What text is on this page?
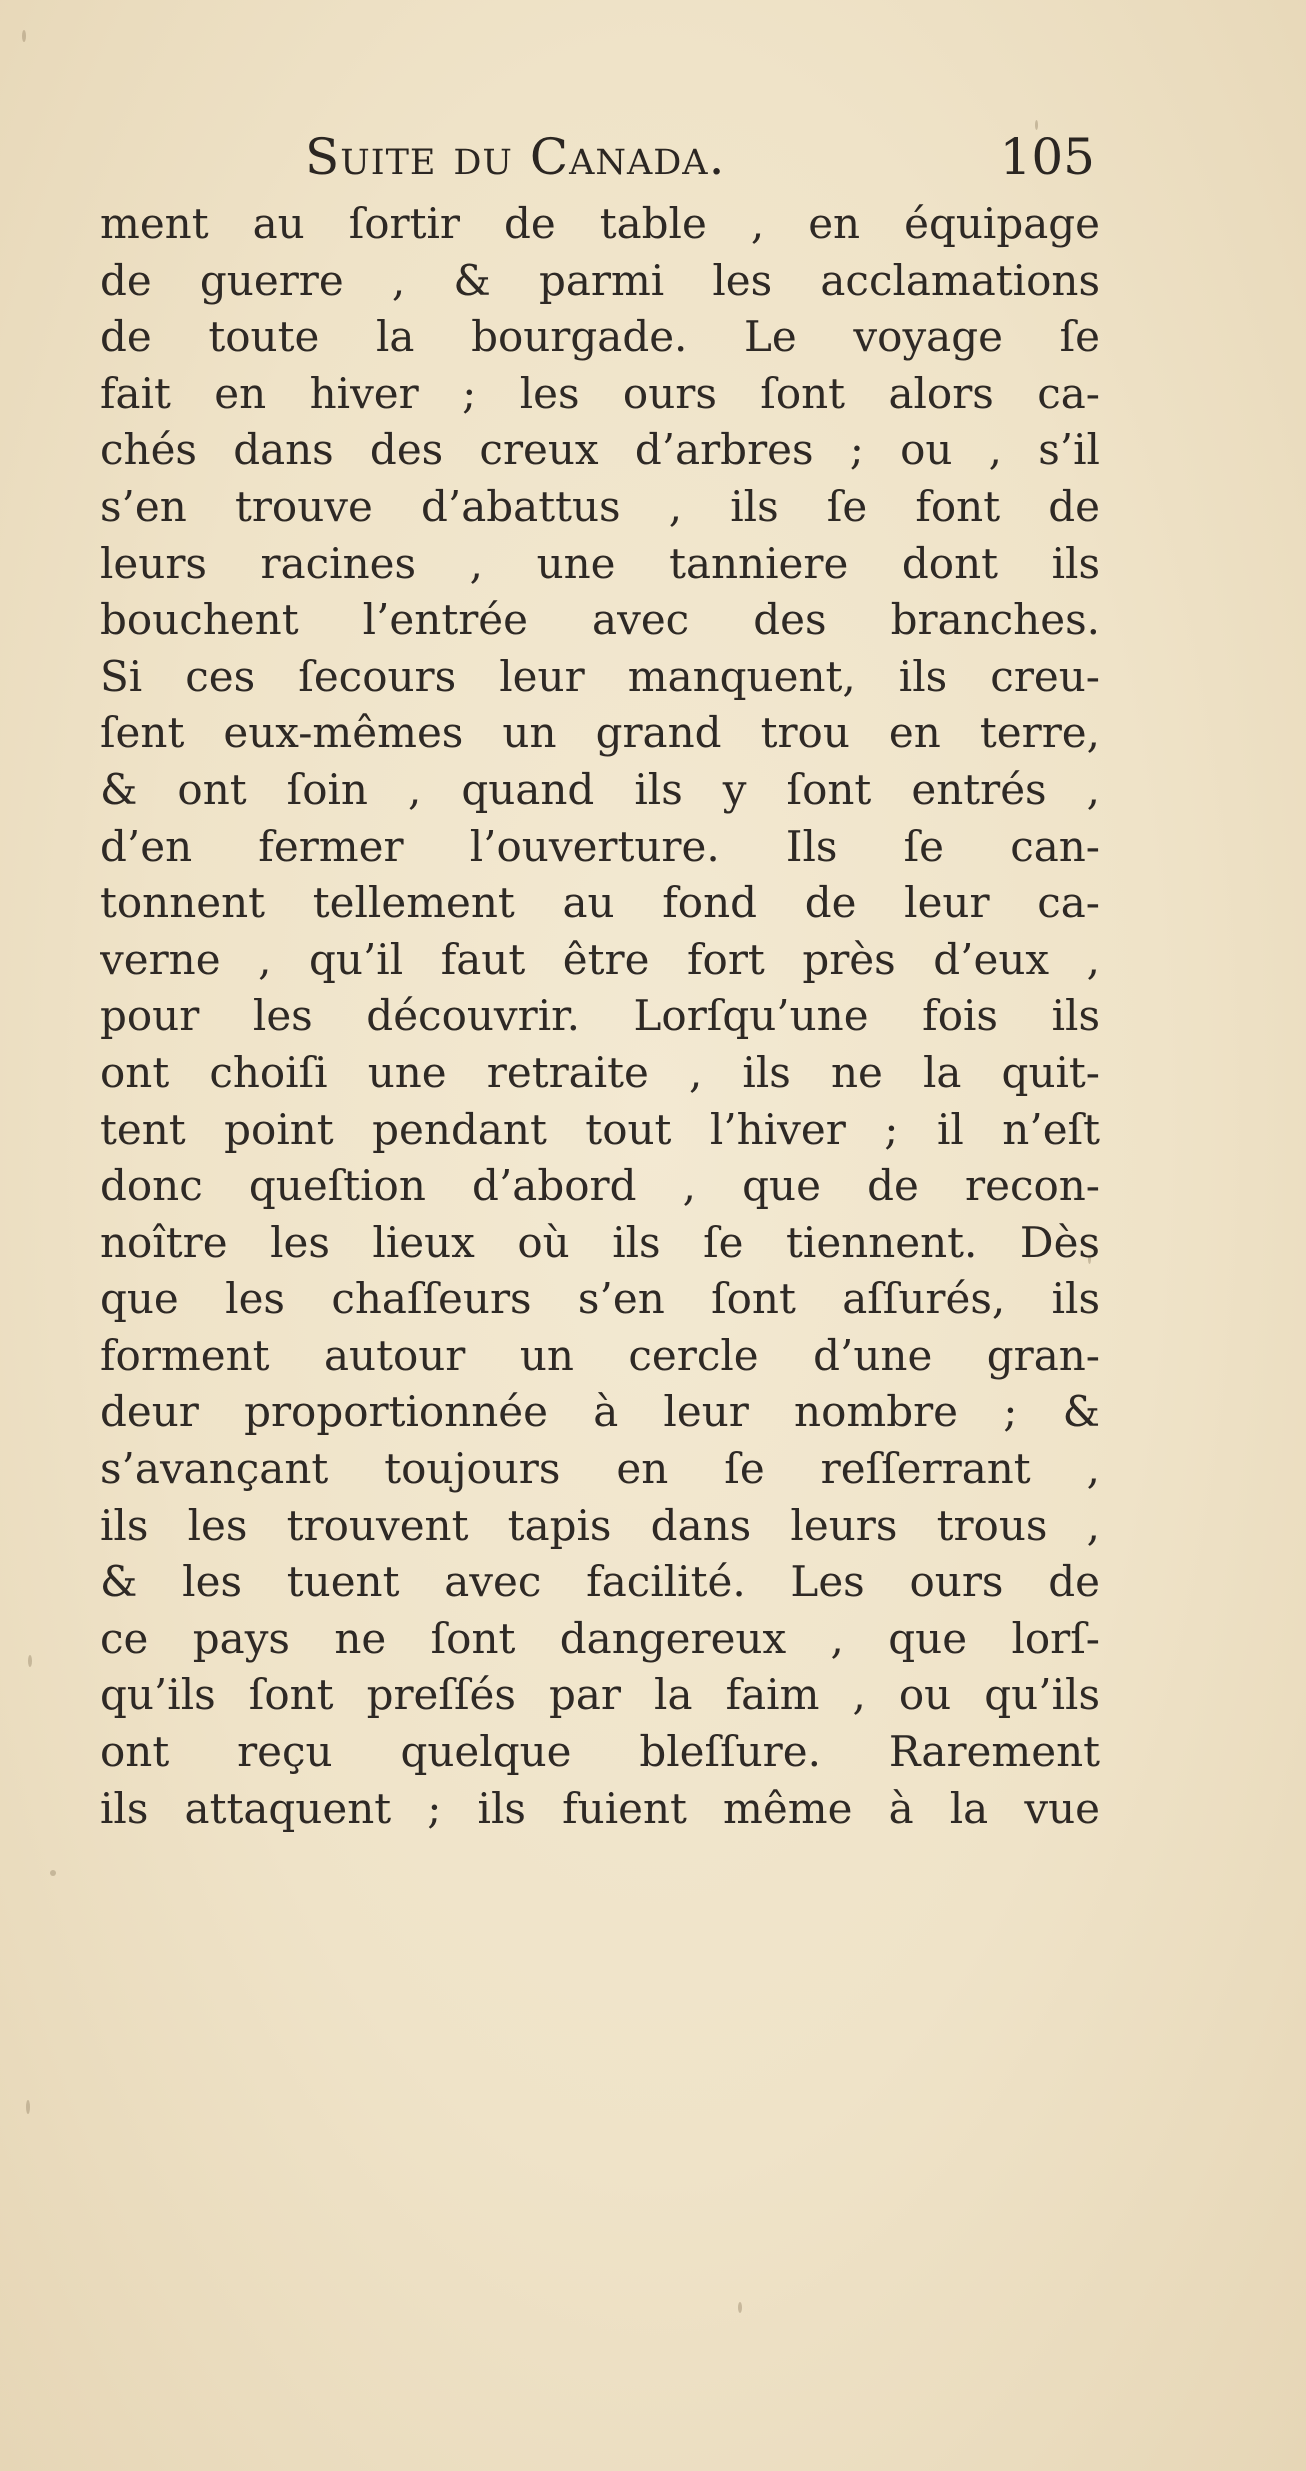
Suite du Canada.	105
ment au ſortir de table , en équipage
de guerre , & parmi les acclamations
de toute la bourgade. Le voyage ſe
fait en hiver ; les ours ſont alors ca-
chés dans des creux d’arbres ; ou , s’il
s’en trouve d’abattus , ils ſe font de
leurs racines , une tanniere dont ils
bouchent l’entrée avec des branches.
Si ces ſecours leur manquent, ils creu-
ſent eux-mêmes un grand trou en terre,
& ont ſoin , quand ils y ſont entrés ,
d’en fermer l’ouverture. Ils ſe can-
tonnent tellement au fond de leur ca-
verne , qu’il faut être fort près d’eux ,
pour les découvrir. Lorſqu’une fois ils
ont choiſi une retraite , ils ne la quit-
tent point pendant tout l’hiver ; il n’eſt
donc queſtion d’abord , que de recon-
noître les lieux où ils ſe tiennent. Dès
que les chaſſeurs s’en ſont aſſurés, ils
forment autour un cercle d’une gran-
deur proportionnée à leur nombre ; &
s’avançant toujours en ſe reſſerrant ,
ils les trouvent tapis dans leurs trous ,
& les tuent avec facilité. Les ours de
ce pays ne ſont dangereux , que lorſ-
qu’ils ſont preſſés par la faim , ou qu’ils
ont reçu quelque bleſſure. Rarement
ils attaquent ; ils fuient même à la vue
